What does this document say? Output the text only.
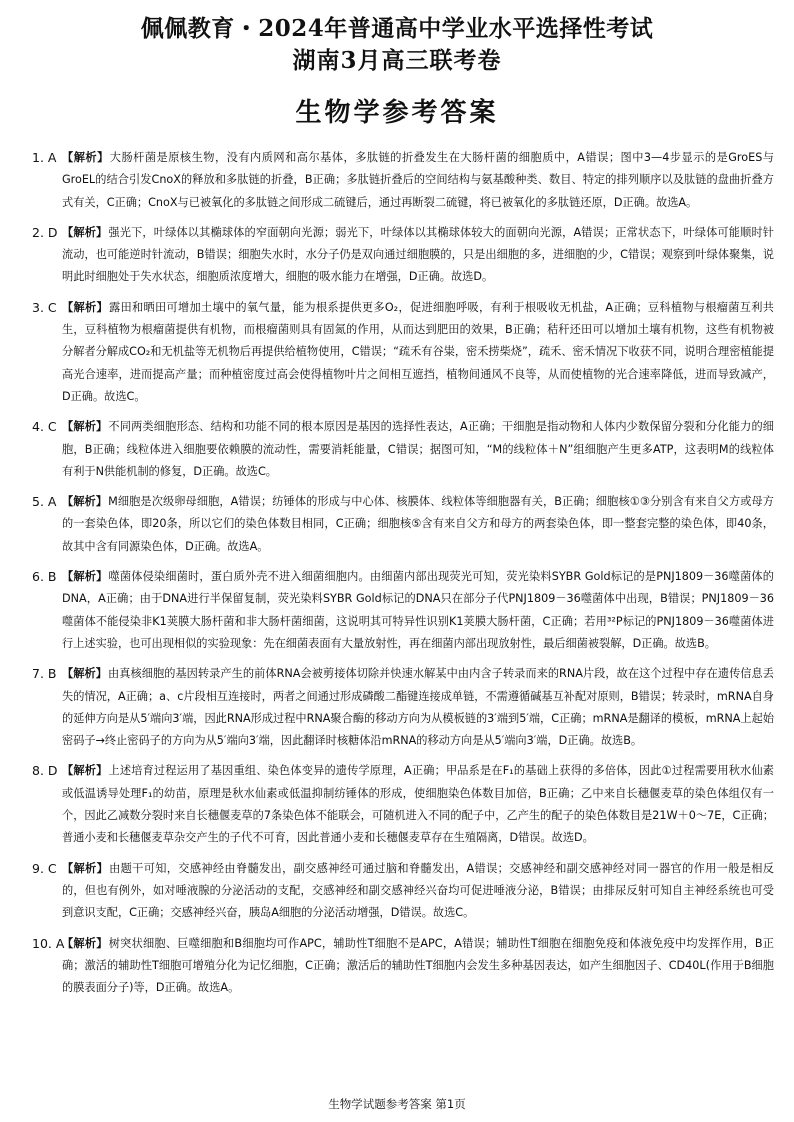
佩佩教育・2024年普通高中学业水平选择性考试
湖南3月高三联考卷
生物学参考答案
1. A 【解析】大肠杆菌是原核生物，没有内质网和高尔基体，多肽链的折叠发生在大肠杆菌的细胞质中，A错误；图中3—4步显示的是GroES与GroEL的结合引发CnoX的释放和多肽链的折叠，B正确；多肽链折叠后的空间结构与氨基酸种类、数目、特定的排列顺序以及肽链的盘曲折叠方式有关，C正确；CnoX与已被氧化的多肽链之间形成二硫键后，通过再断裂二硫键，将已被氧化的多肽链还原，D正确。故选A。
2. D 【解析】强光下，叶绿体以其椭球体的窄面朝向光源；弱光下，叶绿体以其椭球体较大的面朝向光源，A错误；正常状态下，叶绿体可能顺时针流动，也可能逆时针流动，B错误；细胞失水时，水分子仍是双向通过细胞膜的，只是出细胞的多，进细胞的少，C错误；观察到叶绿体聚集，说明此时细胞处于失水状态，细胞质浓度增大，细胞的吸水能力在增强，D正确。故选D。
3. C 【解析】露田和晒田可增加土壤中的氧气量，能为根系提供更多O₂，促进细胞呼吸，有利于根吸收无机盐，A正确；豆科植物与根瘤菌互利共生，豆科植物为根瘤菌提供有机物，而根瘤菌则具有固氮的作用，从而达到肥田的效果，B正确；秸秆还田可以增加土壤有机物，这些有机物被分解者分解成CO₂和无机盐等无机物后再提供给植物使用，C错误；“疏禾有谷粜，密禾捞柴烧”，疏禾、密禾情况下收获不同，说明合理密植能提高光合速率，进而提高产量；而种植密度过高会使得植物叶片之间相互遮挡，植物间通风不良等，从而使植物的光合速率降低，进而导致减产，D正确。故选C。
4. C 【解析】不同两类细胞形态、结构和功能不同的根本原因是基因的选择性表达，A正确；干细胞是指动物和人体内少数保留分裂和分化能力的细胞，B正确；线粒体进入细胞要依赖膜的流动性，需要消耗能量，C错误；据图可知，“M的线粒体＋N”组细胞产生更多ATP，这表明M的线粒体有利于N供能机制的修复，D正确。故选C。
5. A 【解析】M细胞是次级卵母细胞，A错误；纺锤体的形成与中心体、核膜体、线粒体等细胞器有关，B正确；细胞核①③分别含有来自父方或母方的一套染色体，即20条，所以它们的染色体数目相同，C正确；细胞核⑤含有来自父方和母方的两套染色体，即一整套完整的染色体，即40条，故其中含有同源染色体，D正确。故选A。
6. B 【解析】噬菌体侵染细菌时，蛋白质外壳不进入细菌细胞内。由细菌内部出现荧光可知，荧光染料SYBR Gold标记的是PNJ1809－36噬菌体的DNA，A正确；由于DNA进行半保留复制，荧光染料SYBR Gold标记的DNA只在部分子代PNJ1809－36噬菌体中出现，B错误；PNJ1809－36噬菌体不能侵染非K1荚膜大肠杆菌和非大肠杆菌细菌，这说明其可特异性识别K1荚膜大肠杆菌，C正确；若用³²P标记的PNJ1809－36噬菌体进行上述实验，也可出现相似的实验现象：先在细菌表面有大量放射性，再在细菌内部出现放射性，最后细菌被裂解，D正确。故选B。
7. B 【解析】由真核细胞的基因转录产生的前体RNA会被剪接体切除并快速水解某中由内含子转录而来的RNA片段，故在这个过程中存在遗传信息丢失的情况，A正确；a、c片段相互连接时，两者之间通过形成磷酸二酯键连接成单链，不需遵循碱基互补配对原则，B错误；转录时，mRNA自身的延伸方向是从5′端向3′端，因此RNA形成过程中RNA聚合酶的移动方向为从模板链的3′端到5′端，C正确；mRNA是翻译的模板，mRNA上起始密码子→终止密码子的方向为从5′端向3′端，因此翻译时核糖体沿mRNA的移动方向是从5′端向3′端，D正确。故选B。
8. D 【解析】上述培育过程运用了基因重组、染色体变异的遗传学原理，A正确；甲品系是在F₁的基础上获得的多倍体，因此①过程需要用秋水仙素或低温诱导处理F₁的幼苗，原理是秋水仙素或低温抑制纺锤体的形成，使细胞染色体数目加倍，B正确；乙中来自长穗偃麦草的染色体组仅有一个，因此乙减数分裂时来自长穗偃麦草的7条染色体不能联会，可随机进入不同的配子中，乙产生的配子的染色体数目是21W＋0～7E，C正确；普通小麦和长穗偃麦草杂交产生的子代不可育，因此普通小麦和长穗偃麦草存在生殖隔离，D错误。故选D。
9. C 【解析】由题干可知，交感神经由脊髓发出，副交感神经可通过脑和脊髓发出，A错误；交感神经和副交感神经对同一器官的作用一般是相反的，但也有例外，如对唾液腺的分泌活动的支配，交感神经和副交感神经兴奋均可促进唾液分泌，B错误；由排尿反射可知自主神经系统也可受到意识支配，C正确；交感神经兴奋，胰岛A细胞的分泌活动增强，D错误。故选C。
10. A
【解析】树突状细胞、巨噬细胞和B细胞均可作APC，辅助性T细胞不是APC，A错误；辅助性T细胞在细胞免疫和体液免疫中均发挥作用，B正确；激活的辅助性T细胞可增殖分化为记忆细胞，C正确；激活后的辅助性T细胞内会发生多种基因表达，如产生细胞因子、CD40L(作用于B细胞的膜表面分子)等，D正确。故选A。
生物学试题参考答案 第1页
